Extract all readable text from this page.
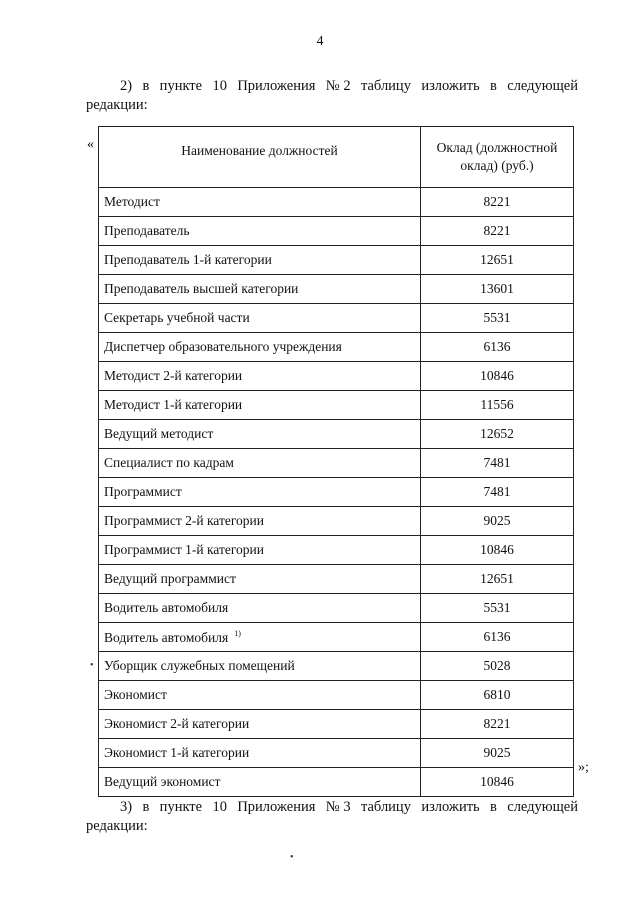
4
2) в пункте 10 Приложения №2 таблицу изложить в следующей
редакции:
«	Наименование должностей	Оклад (должностной оклад) (руб.)
Методист	8221
Преподаватель	8221
Преподаватель 1-й категории	12651
Преподаватель высшей категории	13601
Секретарь учебной части	5531
Диспетчер образовательного учреждения	6136
Методист 2-й категории	10846
Методист 1-й категории	11556
Ведущий методист	12652
Специалист по кадрам	7481
Программист	7481
Программист 2-й категории	9025
Программист 1-й категории	10846
Ведущий программист	12651
Водитель автомобиля	5531
Водитель автомобиля $^{1)}$	6136
Уборщик служебных помещений	5028
Экономист	6810
Экономист 2-й категории	8221
Экономист 1-й категории	9025
Ведущий экономист	10846
»;
•
•
3) в пункте 10 Приложения №3 таблицу изложить в следующей
редакции:
